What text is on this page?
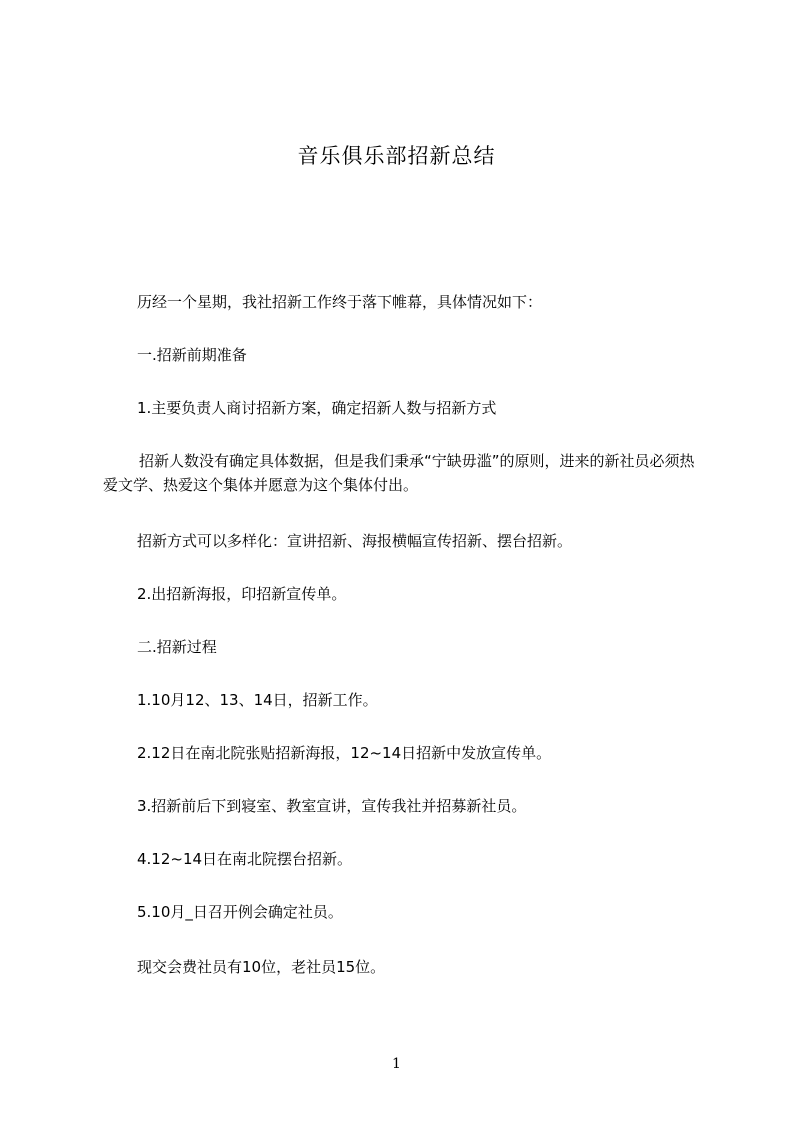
音乐俱乐部招新总结
历经一个星期，我社招新工作终于落下帷幕，具体情况如下：
一.招新前期准备
1.主要负责人商讨招新方案，确定招新人数与招新方式
招新人数没有确定具体数据，但是我们秉承“宁缺毋滥”的原则，进来的新社员必须热爱文学、热爱这个集体并愿意为这个集体付出。
招新方式可以多样化：宣讲招新、海报横幅宣传招新、摆台招新。
2.出招新海报，印招新宣传单。
二.招新过程
1.10月12、13、14日，招新工作。
2.12日在南北院张贴招新海报，12~14日招新中发放宣传单。
3.招新前后下到寝室、教室宣讲，宣传我社并招募新社员。
4.12~14日在南北院摆台招新。
5.10月_日召开例会确定社员。
现交会费社员有10位，老社员15位。
1
